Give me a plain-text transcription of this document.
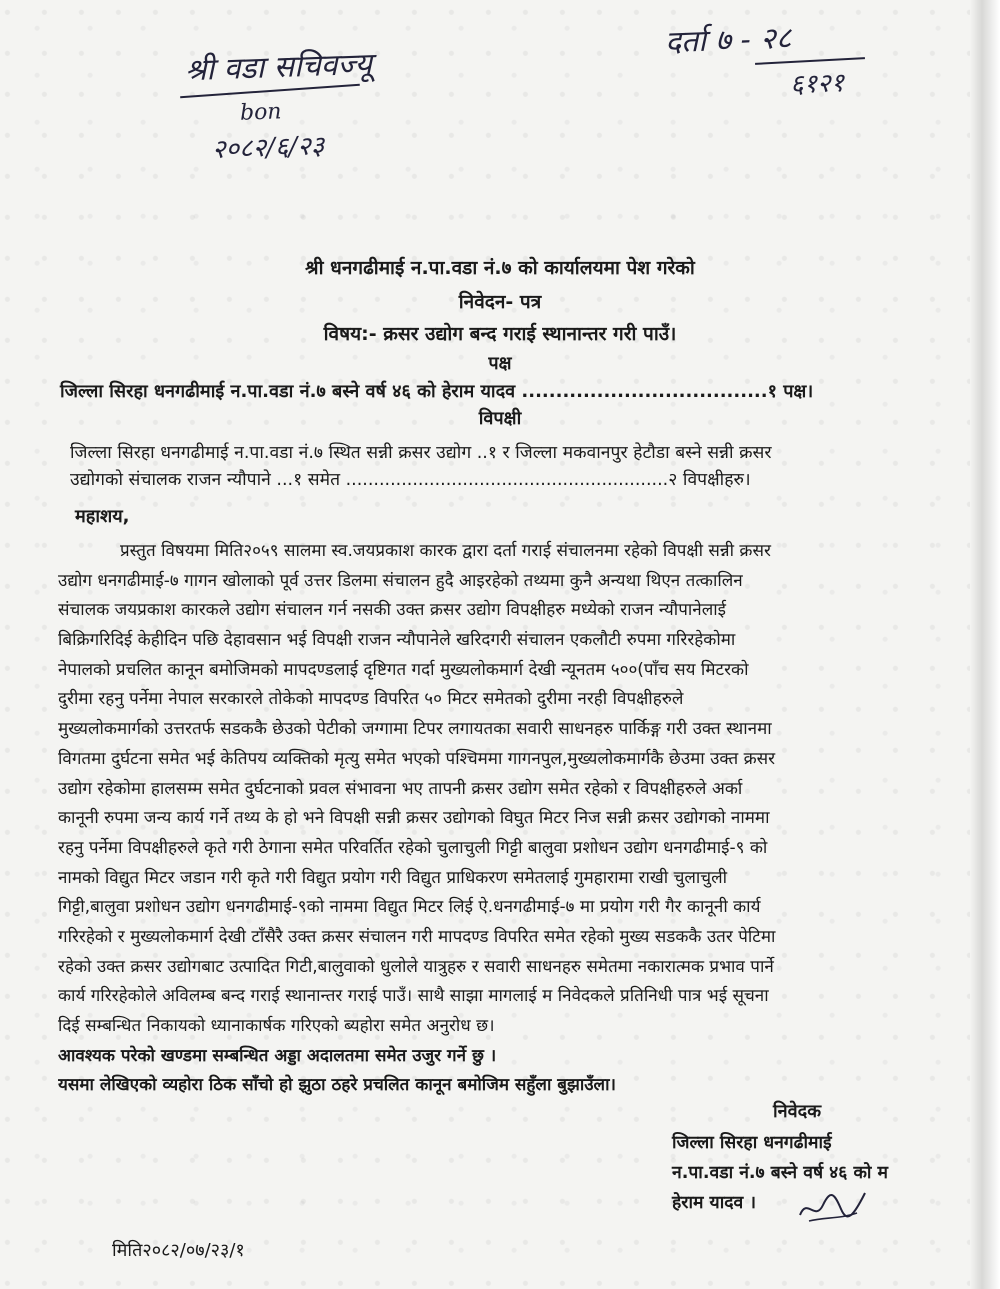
दर्ता ७ - २८
६१२१
श्री वडा सचिवज्यू
bon
२०८२/६/२३
श्री धनगढीमाई न.पा.वडा नं.७ को कार्यालयमा पेश गरेको
निवेदन- पत्र
विषय:- क्रसर उद्योग बन्द गराई स्थानान्तर गरी पाउँ।
पक्ष
जिल्ला सिरहा धनगढीमाई न.पा.वडा नं.७ बस्ने वर्ष ४६ को हेराम यादव ....................................१ पक्ष।
विपक्षी
जिल्ला सिरहा धनगढीमाई न.पा.वडा नं.७ स्थित सन्नी क्रसर उद्योग ..१ र जिल्ला मकवानपुर हेटौडा बस्ने सन्नी क्रसर
उद्योगको संचालक राजन न्यौपाने ...१ समेत ..........................................................२ विपक्षीहरु।
महाशय,
प्रस्तुत विषयमा मिति२०५९ सालमा स्व.जयप्रकाश कारक द्वारा दर्ता गराई संचालनमा रहेको विपक्षी सन्नी क्रसर
उद्योग धनगढीमाई-७ गागन खोलाको पूर्व उत्तर डिलमा संचालन हुदै आइरहेको तथ्यमा कुनै अन्यथा थिएन तत्कालिन
संचालक जयप्रकाश कारकले उद्योग संचालन गर्न नसकी उक्त क्रसर उद्योग विपक्षीहरु मध्येको राजन न्यौपानेलाई
बिक्रिगरिदिई केहीदिन पछि देहावसान भई विपक्षी राजन न्यौपानेले खरिदगरी संचालन एकलौटी रुपमा गरिरहेकोमा
नेपालको प्रचलित कानून बमोजिमको मापदण्डलाई दृष्टिगत गर्दा मुख्यलोकमार्ग देखी न्यूनतम ५००(पाँच सय मिटरको
दुरीमा रहनु पर्नेमा नेपाल सरकारले तोकेको मापदण्ड विपरित ५० मिटर समेतको दुरीमा नरही विपक्षीहरुले
मुख्यलोकमार्गको उत्तरतर्फ सडककै छेउको पेटीको जग्गामा टिपर लगायतका सवारी साधनहरु पार्किङ्ग गरी उक्त स्थानमा
विगतमा दुर्घटना समेत भई केतिपय व्यक्तिको मृत्यु समेत भएको पश्चिममा गागनपुल,मुख्यलोकमार्गकै छेउमा उक्त क्रसर
उद्योग रहेकोमा हालसम्म समेत दुर्घटनाको प्रवल संभावना भए तापनी क्रसर उद्योग समेत रहेको र विपक्षीहरुले अर्का
कानूनी रुपमा जन्य कार्य गर्ने तथ्य के हो भने विपक्षी सन्नी क्रसर उद्योगको विघुत मिटर निज सन्नी क्रसर उद्योगको नाममा
रहनु पर्नेमा विपक्षीहरुले कृते गरी ठेगाना समेत परिवर्तित रहेको चुलाचुली गिट्टी बालुवा प्रशोधन उद्योग धनगढीमाई-९ को
नामको विद्युत मिटर जडान गरी कृते गरी विद्युत प्रयोग गरी विद्युत प्राधिकरण समेतलाई गुमहारामा राखी चुलाचुली
गिट्टी,बालुवा प्रशोधन उद्योग धनगढीमाई-९को नाममा विद्युत मिटर लिई ऐ.धनगढीमाई-७ मा प्रयोग गरी गैर कानूनी कार्य
गरिरहेको र मुख्यलोकमार्ग देखी टाँसैरै उक्त क्रसर संचालन गरी मापदण्ड विपरित समेत रहेको मुख्य सडककै उतर पेटिमा
रहेको उक्त क्रसर उद्योगबाट उत्पादित गिटी,बालुवाको धुलोले यात्रुहरु र सवारी साधनहरु समेतमा नकारात्मक प्रभाव पार्ने
कार्य गरिरहेकोले अविलम्ब बन्द गराई स्थानान्तर गराई पाउँ। साथै साझा मागलाई म निवेदकले प्रतिनिधी पात्र भई सूचना
दिई सम्बन्धित निकायको ध्यानाकार्षक गरिएको ब्यहोरा समेत अनुरोध छ।
आवश्यक परेको खण्डमा सम्बन्धित अड्डा अदालतमा समेत उजुर गर्ने छु ।
यसमा लेखिएको व्यहोरा ठिक साँचो हो झुठा ठहरे प्रचलित कानून बमोजिम सहुँला बुझाउँला।
निवेदक
जिल्ला सिरहा धनगढीमाई
न.पा.वडा नं.७ बस्ने वर्ष ४६ को म
हेराम यादव ।
मिति२०८२/०७/२३/१
